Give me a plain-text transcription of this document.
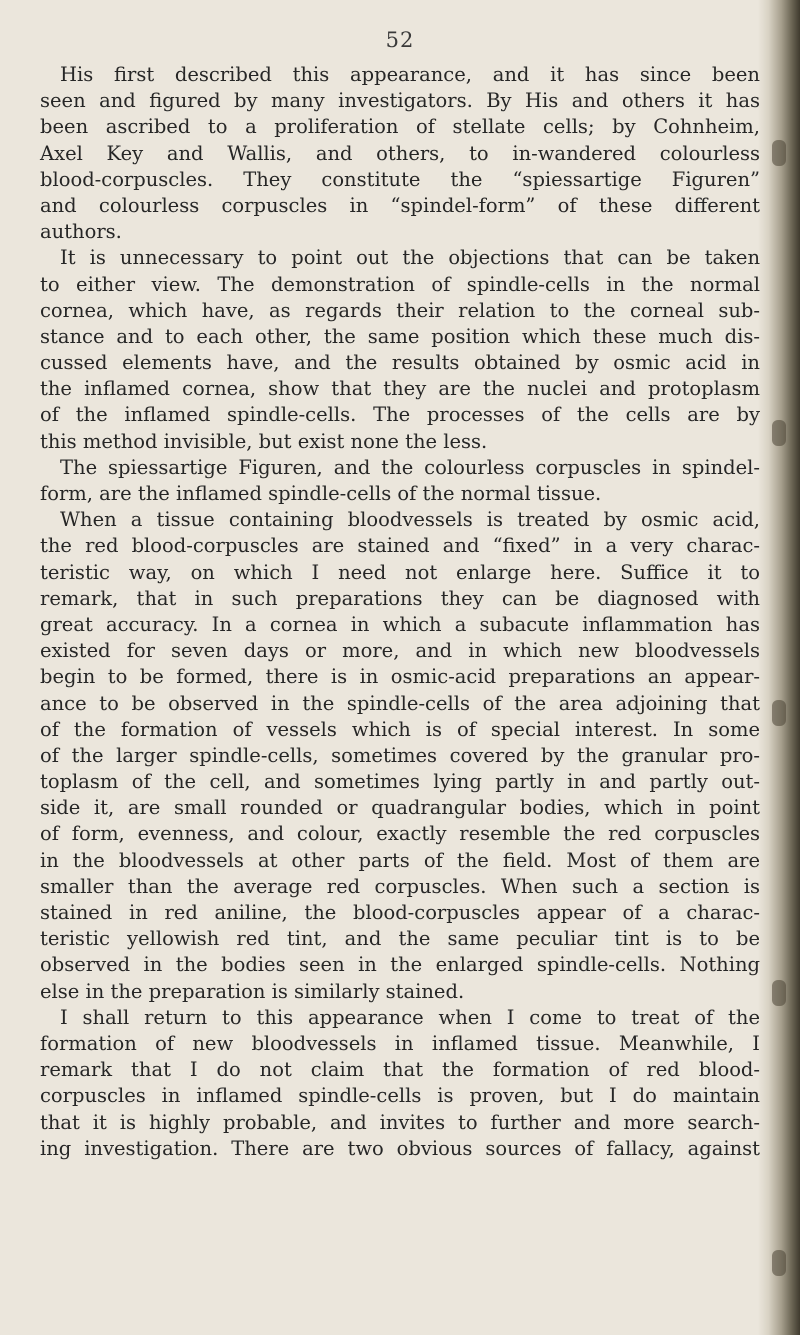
52
His first described this appearance, and it has since been
seen and figured by many investigators. By His and others it has
been ascribed to a proliferation of stellate cells; by Cohnheim,
Axel Key and Wallis, and others, to in-wandered colourless
blood-corpuscles. They constitute the “spiessartige Figuren”
and colourless corpuscles in “spindel-form” of these different
authors.
It is unnecessary to point out the objections that can be taken
to either view. The demonstration of spindle-cells in the normal
cornea, which have, as regards their relation to the corneal sub-
stance and to each other, the same position which these much dis-
cussed elements have, and the results obtained by osmic acid in
the inflamed cornea, show that they are the nuclei and protoplasm
of the inflamed spindle-cells. The processes of the cells are by
this method invisible, but exist none the less.
The spiessartige Figuren, and the colourless corpuscles in spindel-
form, are the inflamed spindle-cells of the normal tissue.
When a tissue containing bloodvessels is treated by osmic acid,
the red blood-corpuscles are stained and “fixed” in a very charac-
teristic way, on which I need not enlarge here. Suffice it to
remark, that in such preparations they can be diagnosed with
great accuracy. In a cornea in which a subacute inflammation has
existed for seven days or more, and in which new bloodvessels
begin to be formed, there is in osmic-acid preparations an appear-
ance to be observed in the spindle-cells of the area adjoining that
of the formation of vessels which is of special interest. In some
of the larger spindle-cells, sometimes covered by the granular pro-
toplasm of the cell, and sometimes lying partly in and partly out-
side it, are small rounded or quadrangular bodies, which in point
of form, evenness, and colour, exactly resemble the red corpuscles
in the bloodvessels at other parts of the field. Most of them are
smaller than the average red corpuscles. When such a section is
stained in red aniline, the blood-corpuscles appear of a charac-
teristic yellowish red tint, and the same peculiar tint is to be
observed in the bodies seen in the enlarged spindle-cells. Nothing
else in the preparation is similarly stained.
I shall return to this appearance when I come to treat of the
formation of new bloodvessels in inflamed tissue. Meanwhile, I
remark that I do not claim that the formation of red blood-
corpuscles in inflamed spindle-cells is proven, but I do maintain
that it is highly probable, and invites to further and more search-
ing investigation. There are two obvious sources of fallacy, against
